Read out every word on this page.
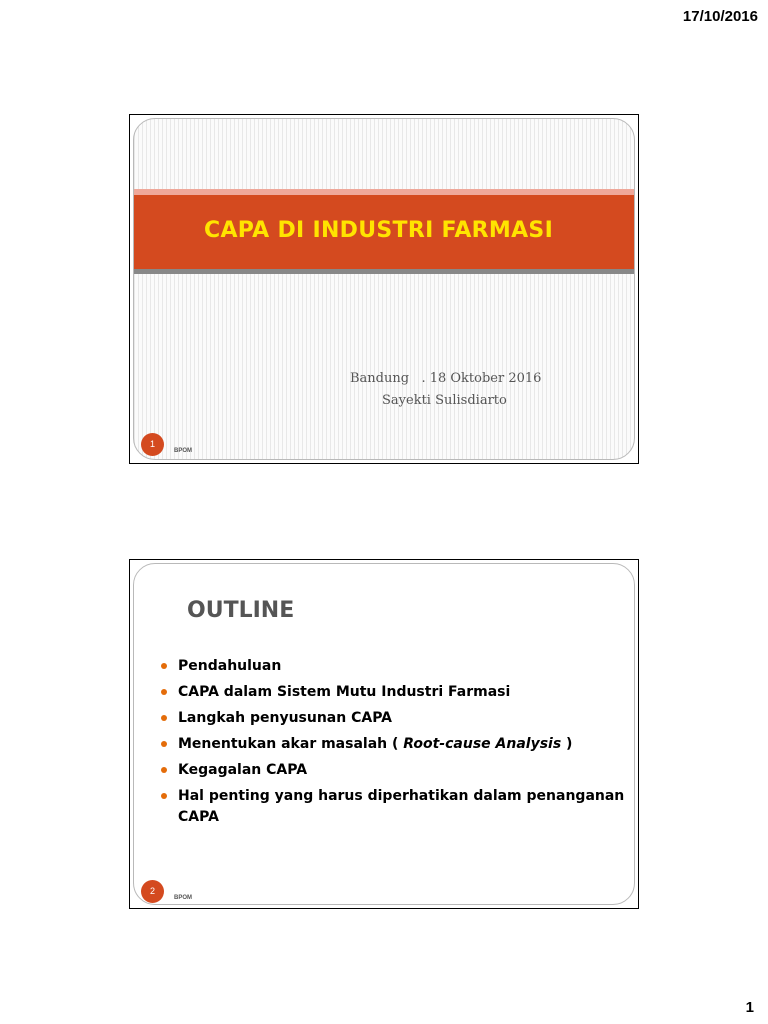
17/10/2016
CAPA DI INDUSTRI FARMASI
Bandung   . 18 Oktober 2016
Sayekti Sulisdiarto
1
BPOM
OUTLINE
Pendahuluan
CAPA dalam Sistem Mutu Industri Farmasi
Langkah penyusunan CAPA
Menentukan akar masalah ( Root-cause Analysis )
Kegagalan CAPA
Hal penting yang harus diperhatikan dalam penanganan CAPA
2
BPOM
1
